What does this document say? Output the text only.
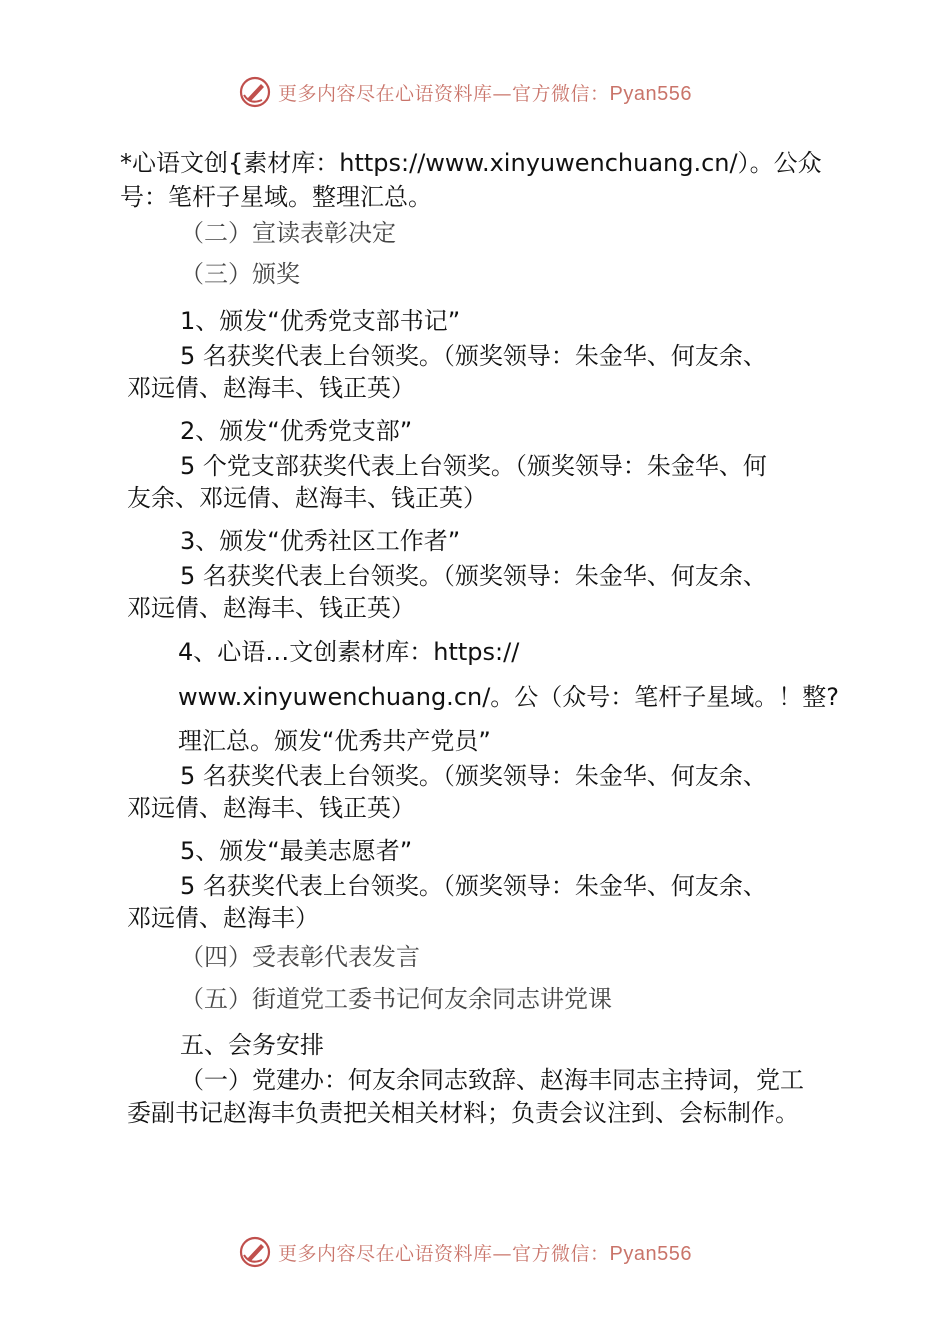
更多内容尽在心语资料库—官方微信：Pyan556
*心语文创{素材库：https://www.xinyuwenchuang.cn/）。公众
号：笔杆子星域。整理汇总。
（二）宣读表彰决定
（三）颁奖
1、颁发“优秀党支部书记”
5 名获奖代表上台领奖。（颁奖领导：朱金华、何友余、
邓远倩、赵海丰、钱正英）
2、颁发“优秀党支部”
5 个党支部获奖代表上台领奖。（颁奖领导：朱金华、何
友余、邓远倩、赵海丰、钱正英）
3、颁发“优秀社区工作者”
5 名获奖代表上台领奖。（颁奖领导：朱金华、何友余、
邓远倩、赵海丰、钱正英）
4、心语…文创素材库：https://
www.xinyuwenchuang.cn/。公（众号：笔杆子星域。！整?
理汇总。颁发“优秀共产党员”
5 名获奖代表上台领奖。（颁奖领导：朱金华、何友余、
邓远倩、赵海丰、钱正英）
5、颁发“最美志愿者”
5 名获奖代表上台领奖。（颁奖领导：朱金华、何友余、
邓远倩、赵海丰）
（四）受表彰代表发言
（五）街道党工委书记何友余同志讲党课
五、会务安排
（一）党建办：何友余同志致辞、赵海丰同志主持词，党工
委副书记赵海丰负责把关相关材料；负责会议注到、会标制作。
更多内容尽在心语资料库—官方微信：Pyan556
